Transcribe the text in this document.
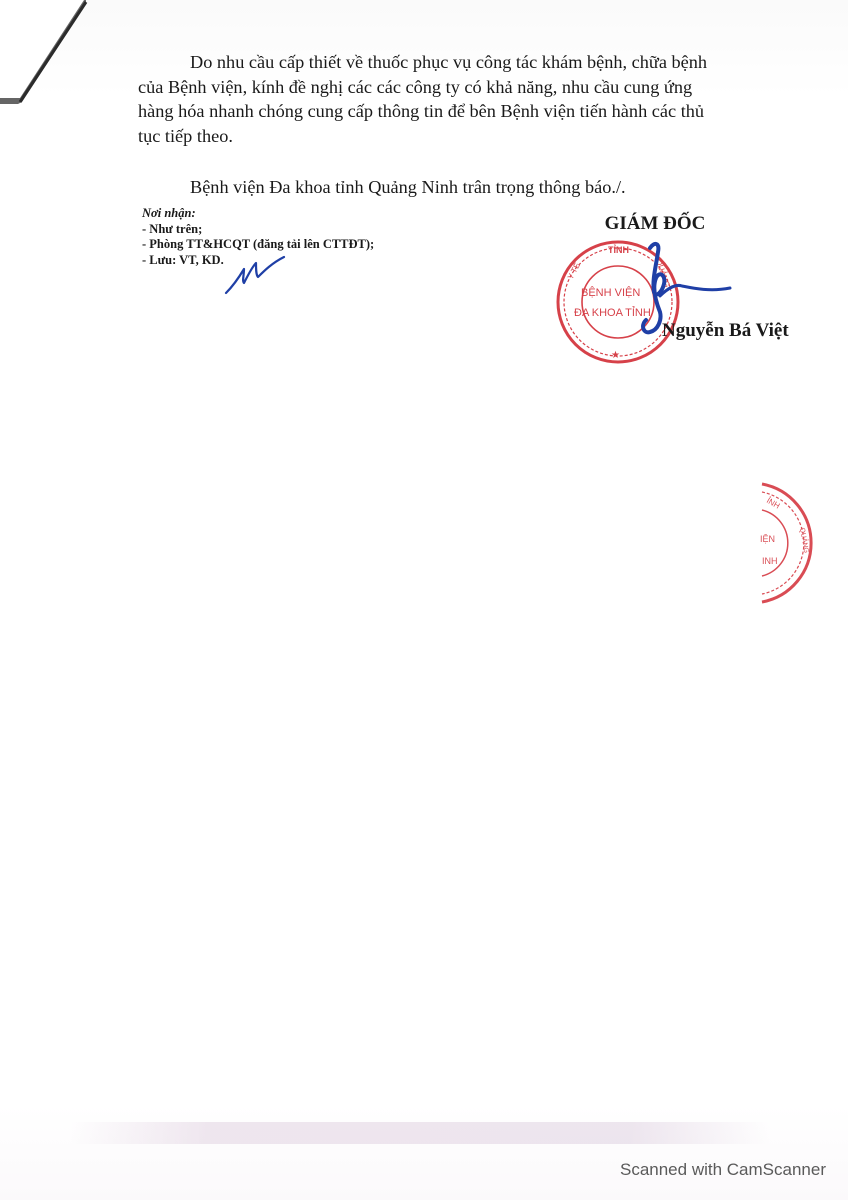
Do nhu cầu cấp thiết về thuốc phục vụ công tác khám bệnh, chữa bệnh

của Bệnh viện, kính đề nghị các các công ty có khả năng, nhu cầu cung ứng

hàng hóa nhanh chóng cung cấp thông tin để bên Bệnh viện tiến hành các thủ

tục tiếp theo.

Bệnh viện Đa khoa tỉnh Quảng Ninh trân trọng thông báo./.
Nơi nhận:
- Như trên;
- Phòng TT&HCQT (đăng tải lên CTTĐT);
- Lưu: VT, KD.
GIÁM ĐỐC
TỈNH
Y TẾ	QUẢNG
BỆNH VIỆN
ĐA KHOA TỈNH
★
Nguyễn Bá Việt
ỈNH
IỆN
INH
QUẢNG
Scanned with CamScanner
